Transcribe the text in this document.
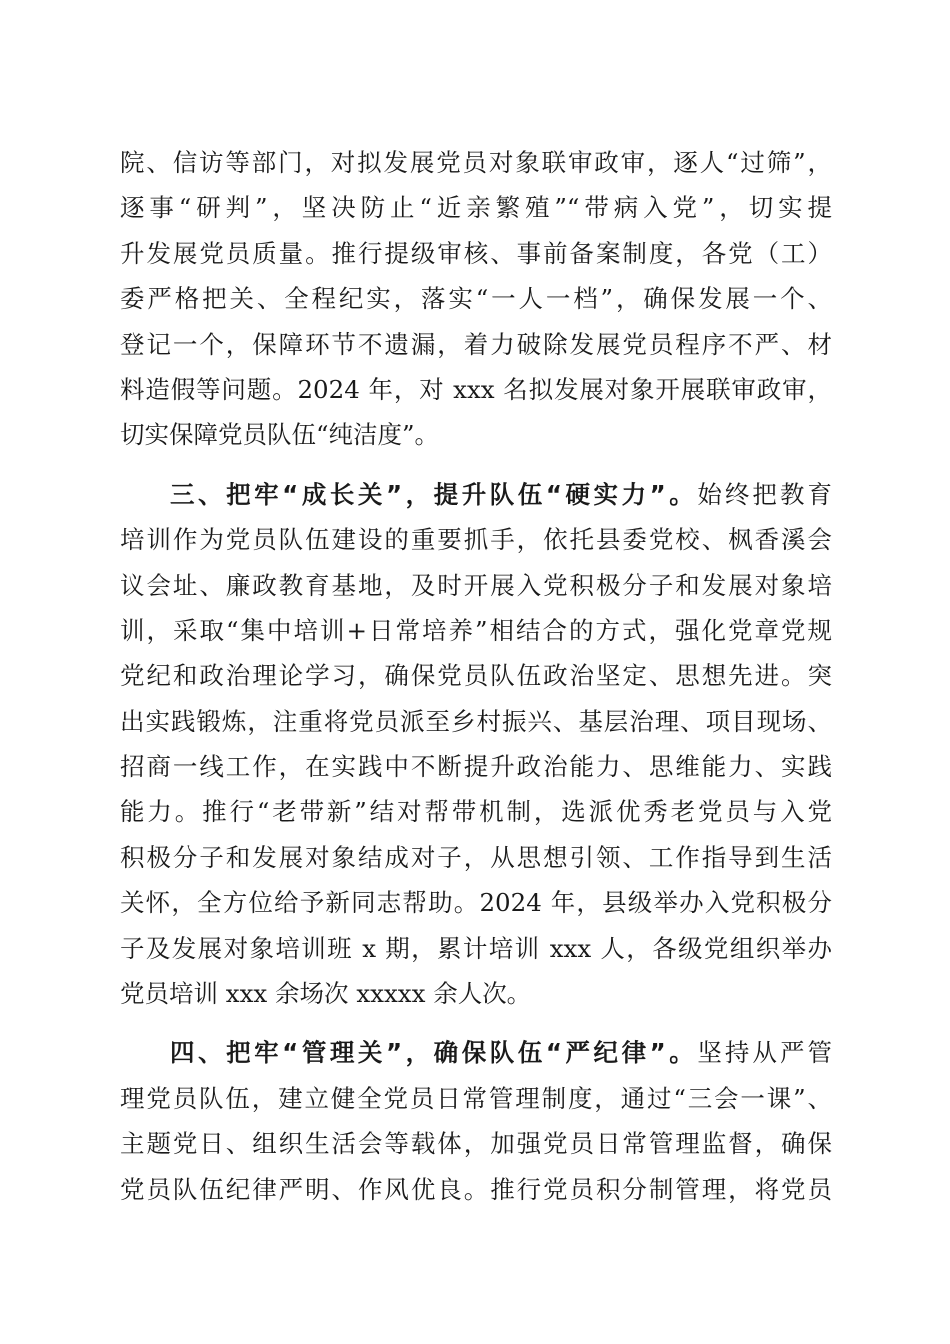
院、信访等部门，对拟发展党员对象联审政审，逐人“过筛”，
逐事“研判”，坚决防止“近亲繁殖”“带病入党”，切实提
升发展党员质量。推行提级审核、事前备案制度，各党（工）
委严格把关、全程纪实，落实“一人一档”，确保发展一个、
登记一个，保障环节不遗漏，着力破除发展党员程序不严、材
料造假等问题。2024 年，对 xxx 名拟发展对象开展联审政审，
切实保障党员队伍“纯洁度”。
三、把牢“成长关”，提升队伍“硬实力”。始终把教育
培训作为党员队伍建设的重要抓手，依托县委党校、枫香溪会
议会址、廉政教育基地，及时开展入党积极分子和发展对象培
训，采取“集中培训+日常培养”相结合的方式，强化党章党规
党纪和政治理论学习，确保党员队伍政治坚定、思想先进。突
出实践锻炼，注重将党员派至乡村振兴、基层治理、项目现场、
招商一线工作，在实践中不断提升政治能力、思维能力、实践
能力。推行“老带新”结对帮带机制，选派优秀老党员与入党
积极分子和发展对象结成对子，从思想引领、工作指导到生活
关怀，全方位给予新同志帮助。2024 年，县级举办入党积极分
子及发展对象培训班 x 期，累计培训 xxx 人，各级党组织举办
党员培训 xxx 余场次 xxxxx 余人次。
四、把牢“管理关”，确保队伍“严纪律”。坚持从严管
理党员队伍，建立健全党员日常管理制度，通过“三会一课”、
主题党日、组织生活会等载体，加强党员日常管理监督，确保
党员队伍纪律严明、作风优良。推行党员积分制管理，将党员
